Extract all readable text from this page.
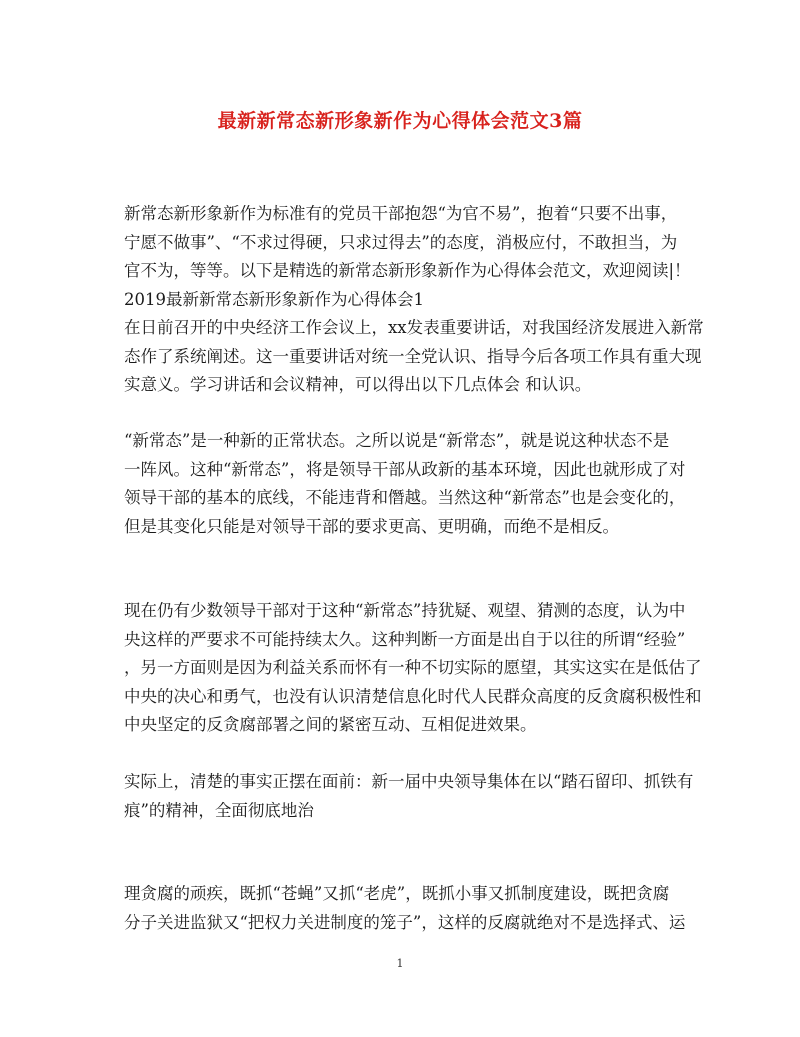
最新新常态新形象新作为心得体会范文3篇
新常态新形象新作为标准有的党员干部抱怨“为官不易”，抱着“只要不出事，
宁愿不做事”、“不求过得硬，只求过得去”的态度，消极应付，不敢担当，为
官不为，等等。以下是精选的新常态新形象新作为心得体会范文，欢迎阅读|！
2019最新新常态新形象新作为心得体会1
在日前召开的中央经济工作会议上，xx发表重要讲话，对我国经济发展进入新常
态作了系统阐述。这一重要讲话对统一全党认识、指导今后各项工作具有重大现
实意义。学习讲话和会议精神，可以得出以下几点体会 和认识。
“新常态”是一种新的正常状态。之所以说是“新常态”，就是说这种状态不是
一阵风。这种“新常态”，将是领导干部从政新的基本环境，因此也就形成了对
领导干部的基本的底线，不能违背和僭越。当然这种“新常态”也是会变化的，
但是其变化只能是对领导干部的要求更高、更明确，而绝不是相反。
现在仍有少数领导干部对于这种“新常态”持犹疑、观望、猜测的态度，认为中
央这样的严要求不可能持续太久。这种判断一方面是出自于以往的所谓“经验”
，另一方面则是因为利益关系而怀有一种不切实际的愿望，其实这实在是低估了
中央的决心和勇气，也没有认识清楚信息化时代人民群众高度的反贪腐积极性和
中央坚定的反贪腐部署之间的紧密互动、互相促进效果。
实际上，清楚的事实正摆在面前：新一届中央领导集体在以“踏石留印、抓铁有
痕”的精神，全面彻底地治
理贪腐的顽疾，既抓“苍蝇”又抓“老虎”，既抓小事又抓制度建设，既把贪腐
分子关进监狱又“把权力关进制度的笼子”，这样的反腐就绝对不是选择式、运
1
